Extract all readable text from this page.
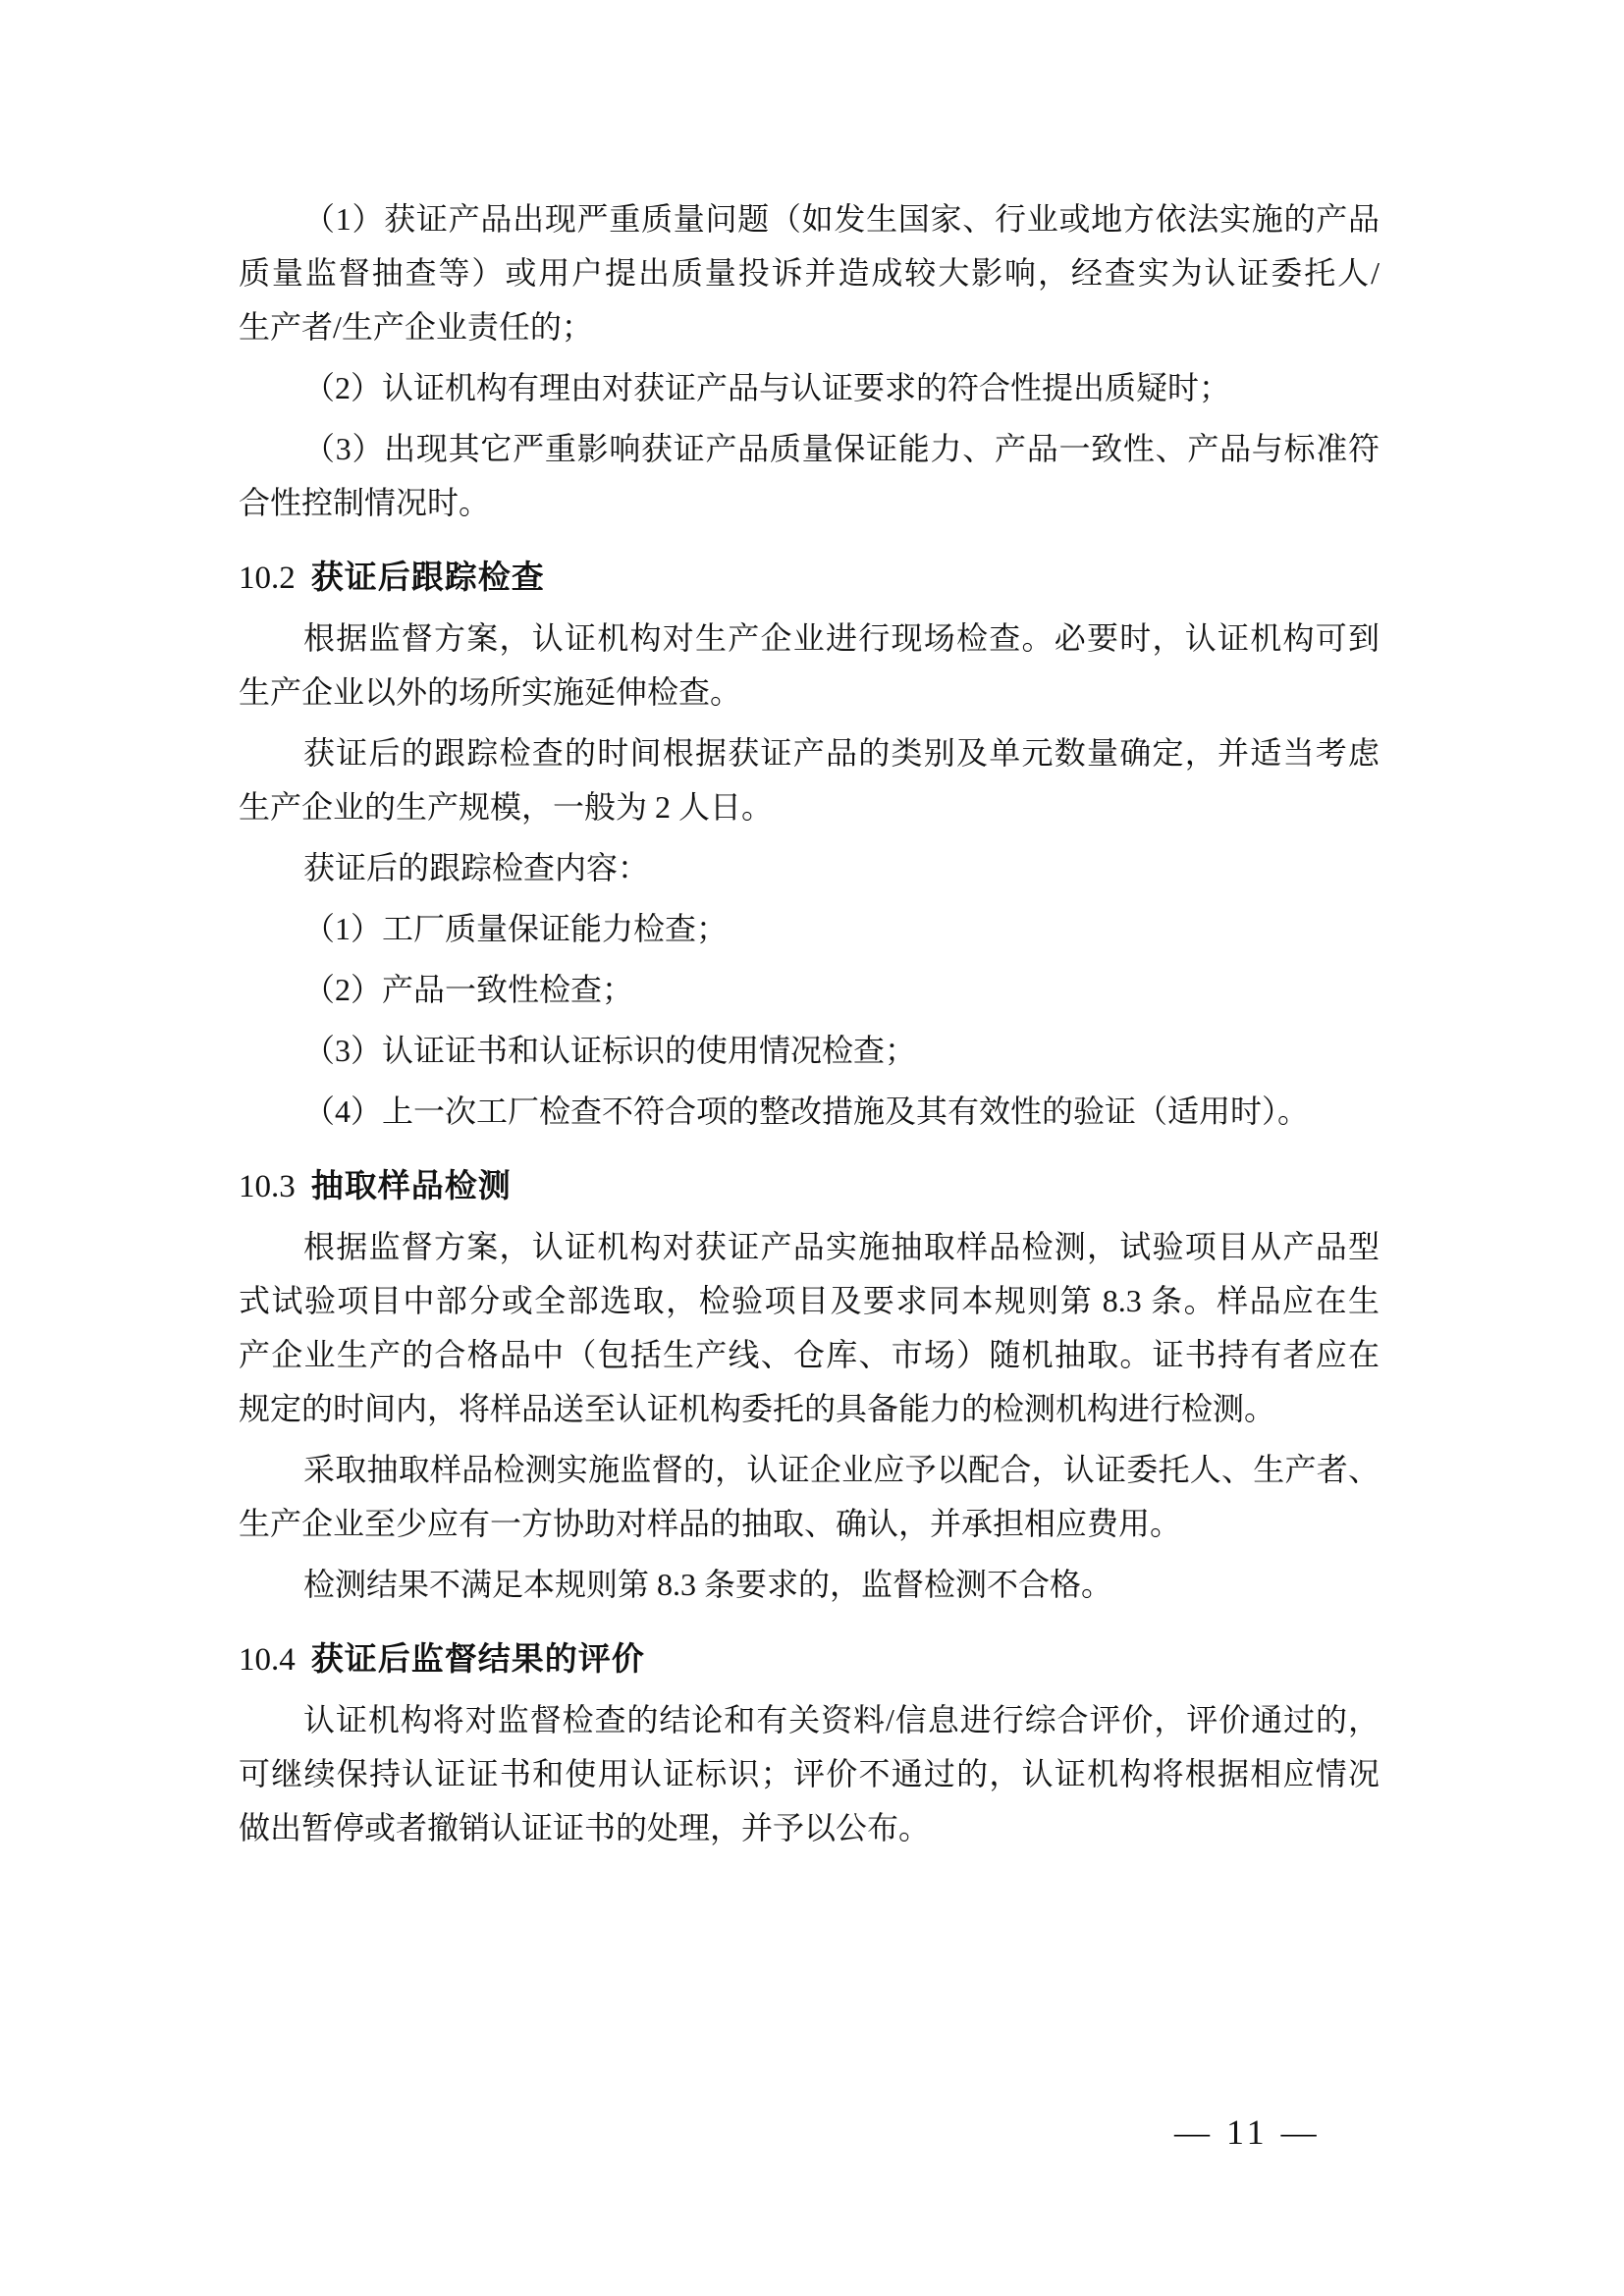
（1）获证产品出现严重质量问题（如发生国家、行业或地方依法实施的产品

质量监督抽查等）或用户提出质量投诉并造成较大影响，经查实为认证委托人/

生产者/生产企业责任的；

（2）认证机构有理由对获证产品与认证要求的符合性提出质疑时；

（3）出现其它严重影响获证产品质量保证能力、产品一致性、产品与标准符

合性控制情况时。

10.2 获证后跟踪检查

根据监督方案，认证机构对生产企业进行现场检查。必要时，认证机构可到

生产企业以外的场所实施延伸检查。

获证后的跟踪检查的时间根据获证产品的类别及单元数量确定，并适当考虑

生产企业的生产规模，一般为 2 人日。

获证后的跟踪检查内容：

（1）工厂质量保证能力检查；

（2）产品一致性检查；

（3）认证证书和认证标识的使用情况检查；

（4）上一次工厂检查不符合项的整改措施及其有效性的验证（适用时）。

10.3 抽取样品检测

根据监督方案，认证机构对获证产品实施抽取样品检测，试验项目从产品型

式试验项目中部分或全部选取，检验项目及要求同本规则第 8.3 条。样品应在生

产企业生产的合格品中（包括生产线、仓库、市场）随机抽取。证书持有者应在

规定的时间内，将样品送至认证机构委托的具备能力的检测机构进行检测。

采取抽取样品检测实施监督的，认证企业应予以配合，认证委托人、生产者、

生产企业至少应有一方协助对样品的抽取、确认，并承担相应费用。

检测结果不满足本规则第 8.3 条要求的，监督检测不合格。

10.4 获证后监督结果的评价

认证机构将对监督检查的结论和有关资料/信息进行综合评价，评价通过的，

可继续保持认证证书和使用认证标识；评价不通过的，认证机构将根据相应情况

做出暂停或者撤销认证证书的处理，并予以公布。

— 11 —
